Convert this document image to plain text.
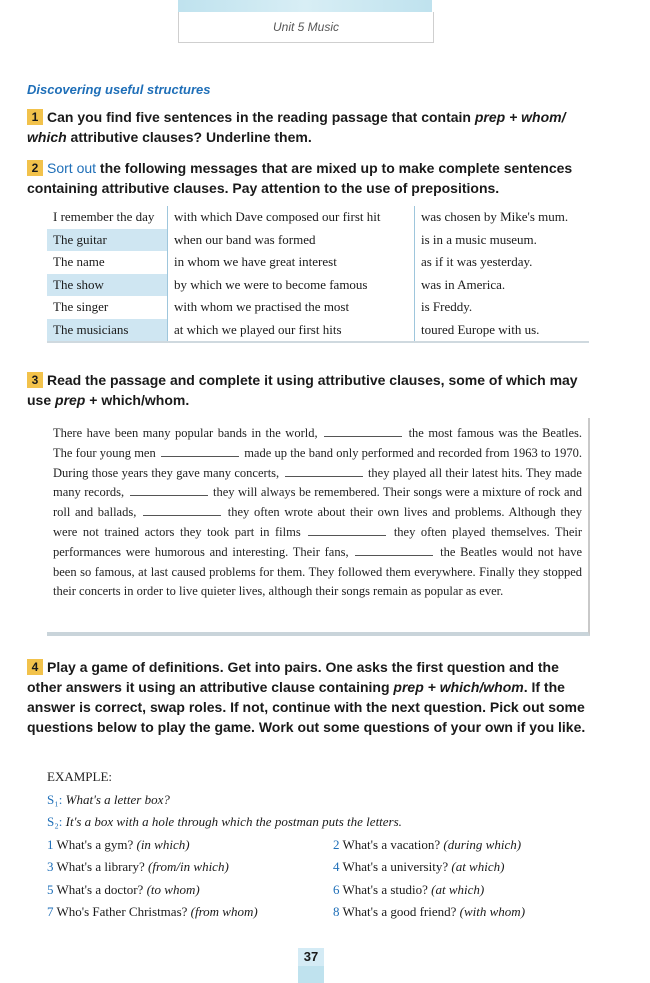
Unit 5 Music
Discovering useful structures
1 Can you find five sentences in the reading passage that contain prep + whom/ which attributive clauses? Underline them.
2 Sort out the following messages that are mixed up to make complete sentences containing attributive clauses. Pay attention to the use of prepositions.
I remember the day	with which Dave composed our first hit	was chosen by Mike's mum.
The guitar	when our band was formed	is in a music museum.
The name	in whom we have great interest	as if it was yesterday.
The show	by which we were to become famous	was in America.
The singer	with whom we practised the most	is Freddy.
The musicians	at which we played our first hits	toured Europe with us.
3 Read the passage and complete it using attributive clauses, some of which may use prep + which/whom.
There have been many popular bands in the world,	the most famous was the Beatles. The four young men	made up the band only performed and recorded from 1963 to 1970. During those years they gave many concerts,	they played all their latest hits. They made many records,	they will always be remembered. Their songs were a mixture of rock and roll and ballads,	they often wrote about their own lives and problems. Although they were not trained actors they took part in films	they often played themselves. Their performances were humorous and interesting. Their fans,	the Beatles would not have been so famous, at last caused problems for them. They followed them everywhere. Finally they stopped their concerts in order to live quieter lives, although their songs remain as popular as ever.
4 Play a game of definitions. Get into pairs. One asks the first question and the other answers it using an attributive clause containing prep + which/whom. If the answer is correct, swap roles. If not, continue with the next question. Pick out some questions below to play the game. Work out some questions of your own if you like.
EXAMPLE:
S₁: What's a letter box?
S₂: It's a box with a hole through which the postman puts the letters.
1 What's a gym? (in which)	2 What's a vacation? (during which)
3 What's a library? (from/in which)	4 What's a university? (at which)
5 What's a doctor? (to whom)	6 What's a studio? (at which)
7 Who's Father Christmas? (from whom)	8 What's a good friend? (with whom)
37
